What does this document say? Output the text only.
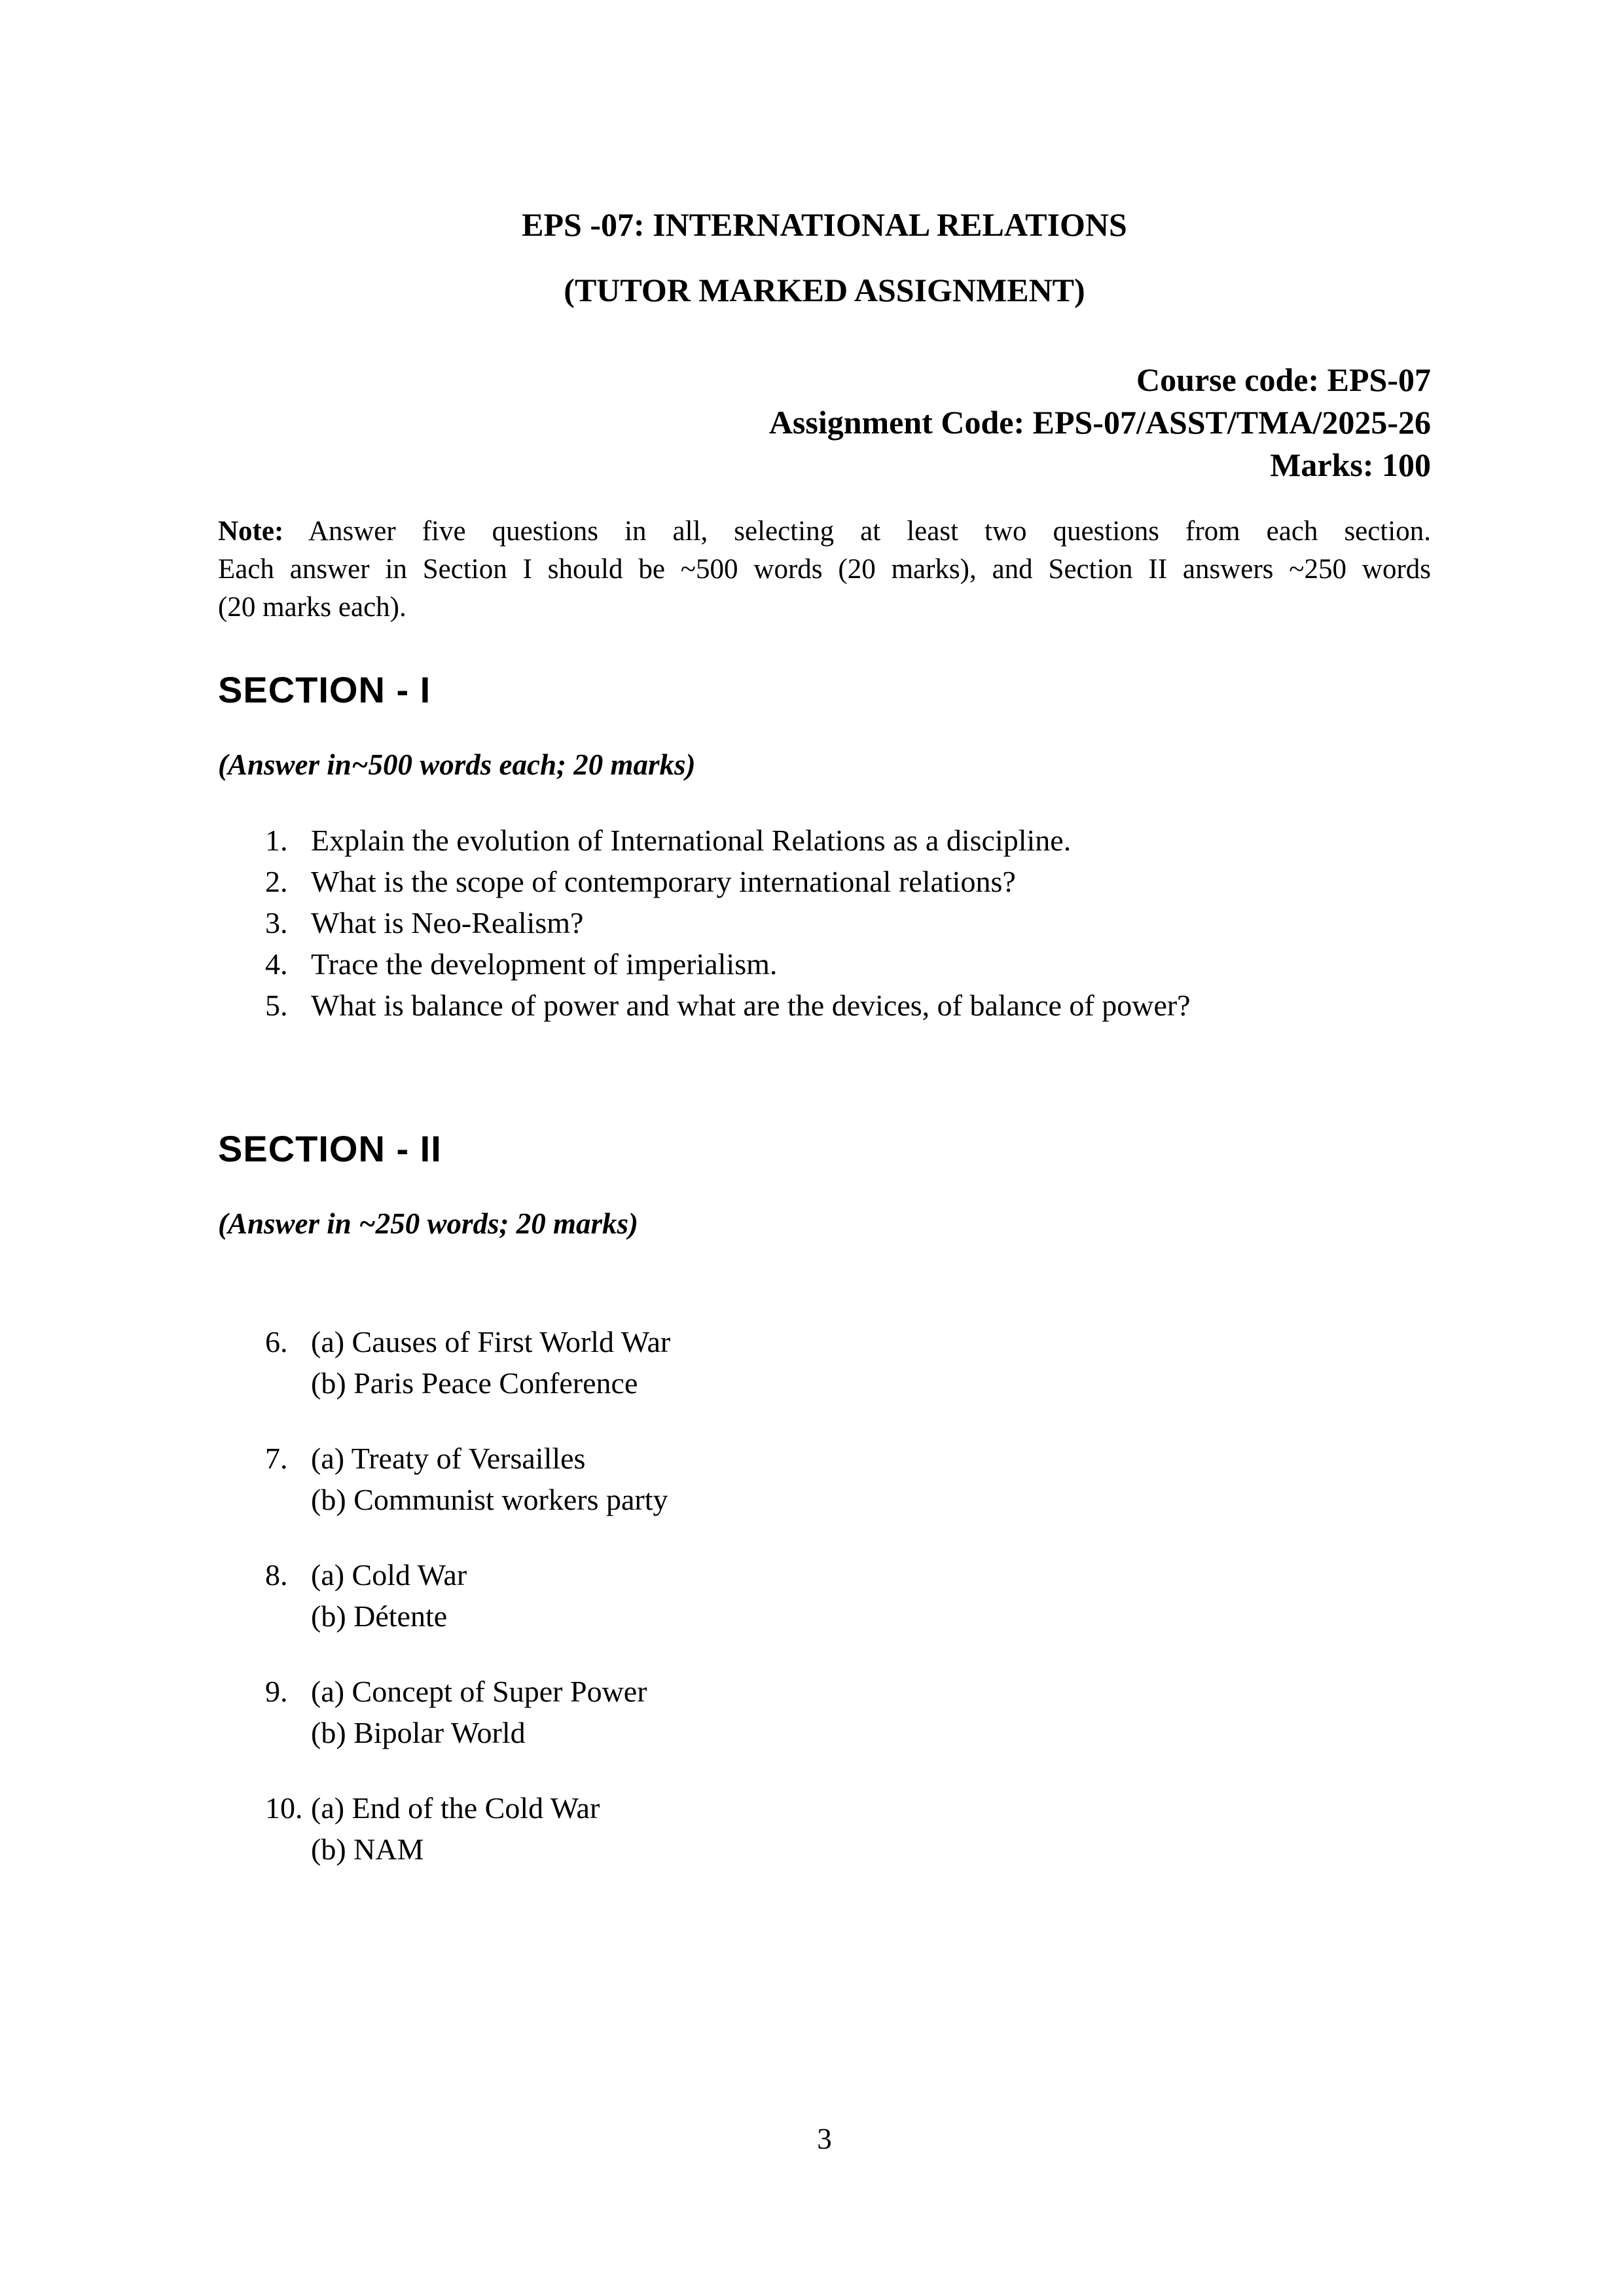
EPS -07: INTERNATIONAL RELATIONS
(TUTOR MARKED ASSIGNMENT)
Course code: EPS-07
Assignment Code: EPS-07/ASST/TMA/2025-26
Marks: 100
Note: Answer five questions in all, selecting at least two questions from each section.
Each answer in Section I should be ~500 words (20 marks), and Section II answers ~250 words
(20 marks each).
SECTION - I
(Answer in~500 words each; 20 marks)
1. Explain the evolution of International Relations as a discipline.
2. What is the scope of contemporary international relations?
3. What is Neo-Realism?
4. Trace the development of imperialism.
5. What is balance of power and what are the devices, of balance of power?
SECTION - II
(Answer in ~250 words; 20 marks)
6. (a) Causes of First World War
(b) Paris Peace Conference
7. (a) Treaty of Versailles
(b) Communist workers party
8. (a) Cold War
(b) Détente
9. (a) Concept of Super Power
(b) Bipolar World
10. (a) End of the Cold War
(b) NAM
3
